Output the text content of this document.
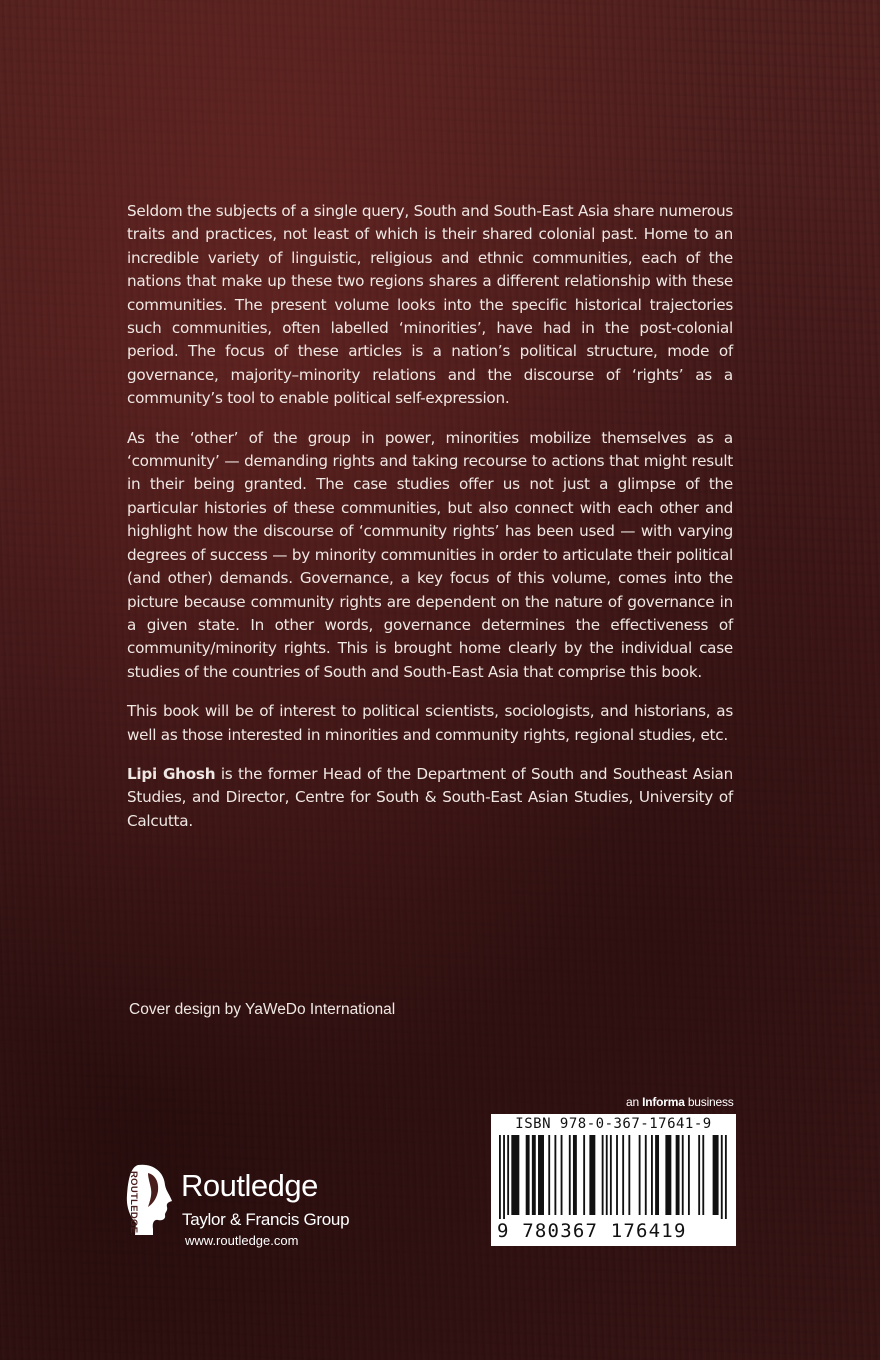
Seldom the subjects of a single query, South and South-East Asia share numerous traits and practices, not least of which is their shared colonial past. Home to an incredible variety of linguistic, religious and ethnic communities, each of the nations that make up these two regions shares a different relationship with these communities. The present volume looks into the specific historical trajectories such communities, often labelled ‘minorities’, have had in the post-colonial period. The focus of these articles is a nation’s political structure, mode of governance, majority–minority relations and the discourse of ‘rights’ as a community’s tool to enable political self-expression.

As the ‘other’ of the group in power, minorities mobilize themselves as a ‘community’ — demanding rights and taking recourse to actions that might result in their being granted. The case studies offer us not just a glimpse of the particular histories of these communities, but also connect with each other and highlight how the discourse of ‘community rights’ has been used — with varying degrees of success — by minority communities in order to articulate their political (and other) demands. Governance, a key focus of this volume, comes into the picture because community rights are dependent on the nature of governance in a given state. In other words, governance determines the effectiveness of community/minority rights. This is brought home clearly by the individual case studies of the countries of South and South-East Asia that comprise this book.

This book will be of interest to political scientists, sociologists, and historians, as well as those interested in minorities and community rights, regional studies, etc.

Lipi Ghosh is the former Head of the Department of South and Southeast Asian Studies, and Director, Centre for South & South-East Asian Studies, University of Calcutta.

Cover design by YaWeDo International
an Informa business
ISBN 978-0-367-17641-9
9 780367 176419
ROUTLEDGE Routledge
Taylor & Francis Group
www.routledge.com
